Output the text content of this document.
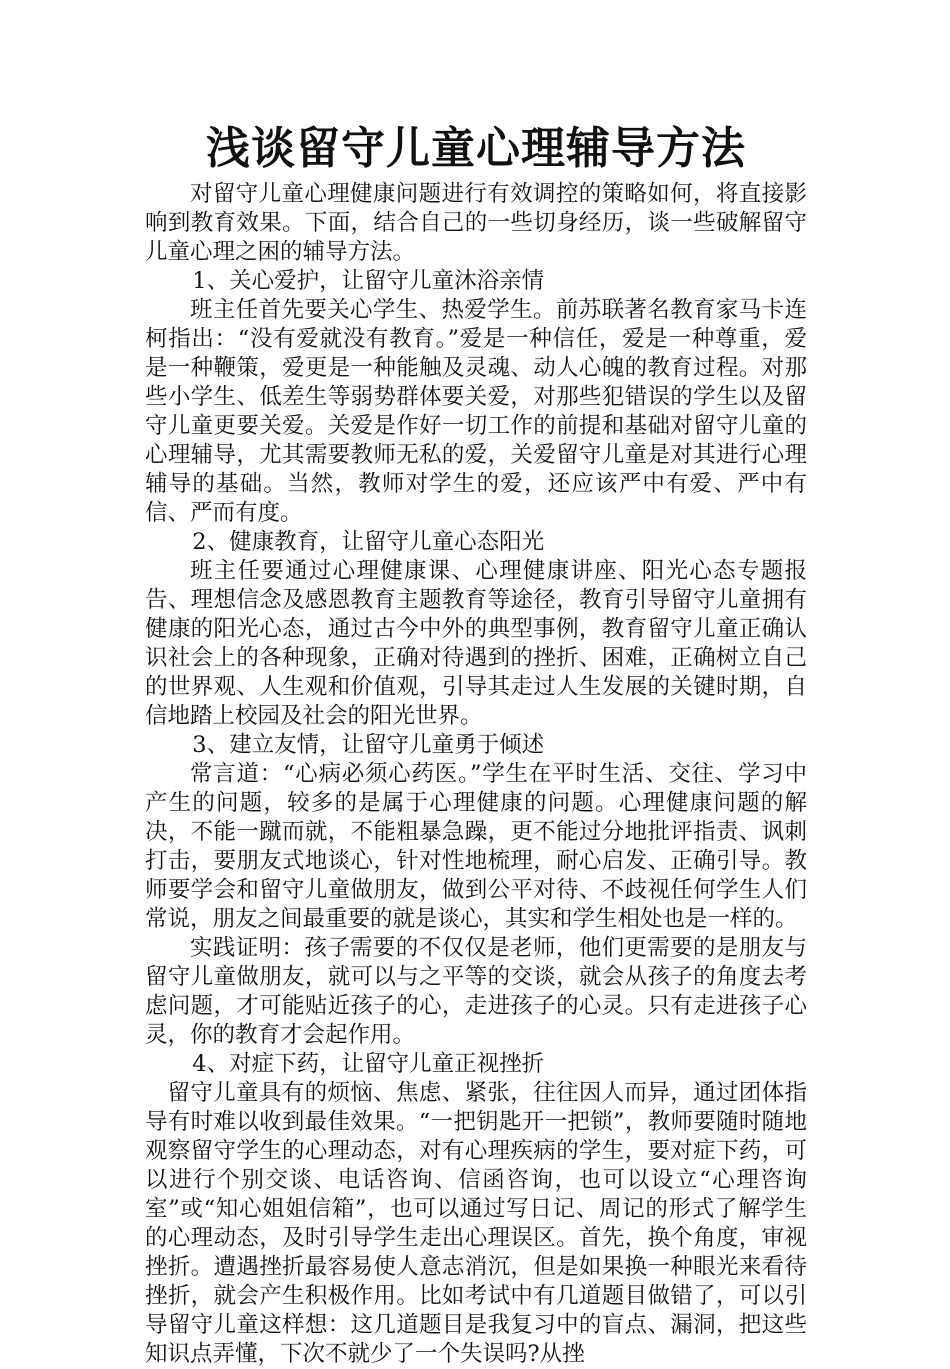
浅谈留守儿童心理辅导方法

对留守儿童心理健康问题进行有效调控的策略如何，将直接影响到教育效果。下面，结合自己的一些切身经历，谈一些破解留守儿童心理之困的辅导方法。

1、关心爱护，让留守儿童沐浴亲情

班主任首先要关心学生、热爱学生。前苏联著名教育家马卡连柯指出：“没有爱就没有教育。”爱是一种信任，爱是一种尊重，爱是一种鞭策，爱更是一种能触及灵魂、动人心魄的教育过程。对那些小学生、低差生等弱势群体要关爱，对那些犯错误的学生以及留守儿童更要关爱。关爱是作好一切工作的前提和基础对留守儿童的心理辅导，尤其需要教师无私的爱，关爱留守儿童是对其进行心理辅导的基础。当然，教师对学生的爱，还应该严中有爱、严中有信、严而有度。

2、健康教育，让留守儿童心态阳光

班主任要通过心理健康课、心理健康讲座、阳光心态专题报告、理想信念及感恩教育主题教育等途径，教育引导留守儿童拥有健康的阳光心态，通过古今中外的典型事例，教育留守儿童正确认识社会上的各种现象，正确对待遇到的挫折、困难，正确树立自己的世界观、人生观和价值观，引导其走过人生发展的关键时期，自信地踏上校园及社会的阳光世界。

3、建立友情，让留守儿童勇于倾述

常言道：“心病必须心药医。”学生在平时生活、交往、学习中产生的问题，较多的是属于心理健康的问题。心理健康问题的解决，不能一蹴而就，不能粗暴急躁，更不能过分地批评指责、讽刺打击，要朋友式地谈心，针对性地梳理，耐心启发、正确引导。教师要学会和留守儿童做朋友，做到公平对待、不歧视任何学生人们常说，朋友之间最重要的就是谈心，其实和学生相处也是一样的。

实践证明：孩子需要的不仅仅是老师，他们更需要的是朋友与留守儿童做朋友，就可以与之平等的交谈，就会从孩子的角度去考虑问题，才可能贴近孩子的心，走进孩子的心灵。只有走进孩子心灵，你的教育才会起作用。

4、对症下药，让留守儿童正视挫折

留守儿童具有的烦恼、焦虑、紧张，往往因人而异，通过团体指导有时难以收到最佳效果。“一把钥匙开一把锁”，教师要随时随地观察留守学生的心理动态，对有心理疾病的学生，要对症下药，可以进行个别交谈、电话咨询、信函咨询，也可以设立“心理咨询室”或“知心姐姐信箱”，也可以通过写日记、周记的形式了解学生的心理动态，及时引导学生走出心理误区。首先，换个角度，审视挫折。遭遇挫折最容易使人意志消沉，但是如果换一种眼光来看待挫折，就会产生积极作用。比如考试中有几道题目做错了，可以引导留守儿童这样想：这几道题目是我复习中的盲点、漏洞，把这些知识点弄懂，下次不就少了一个失误吗?从挫
